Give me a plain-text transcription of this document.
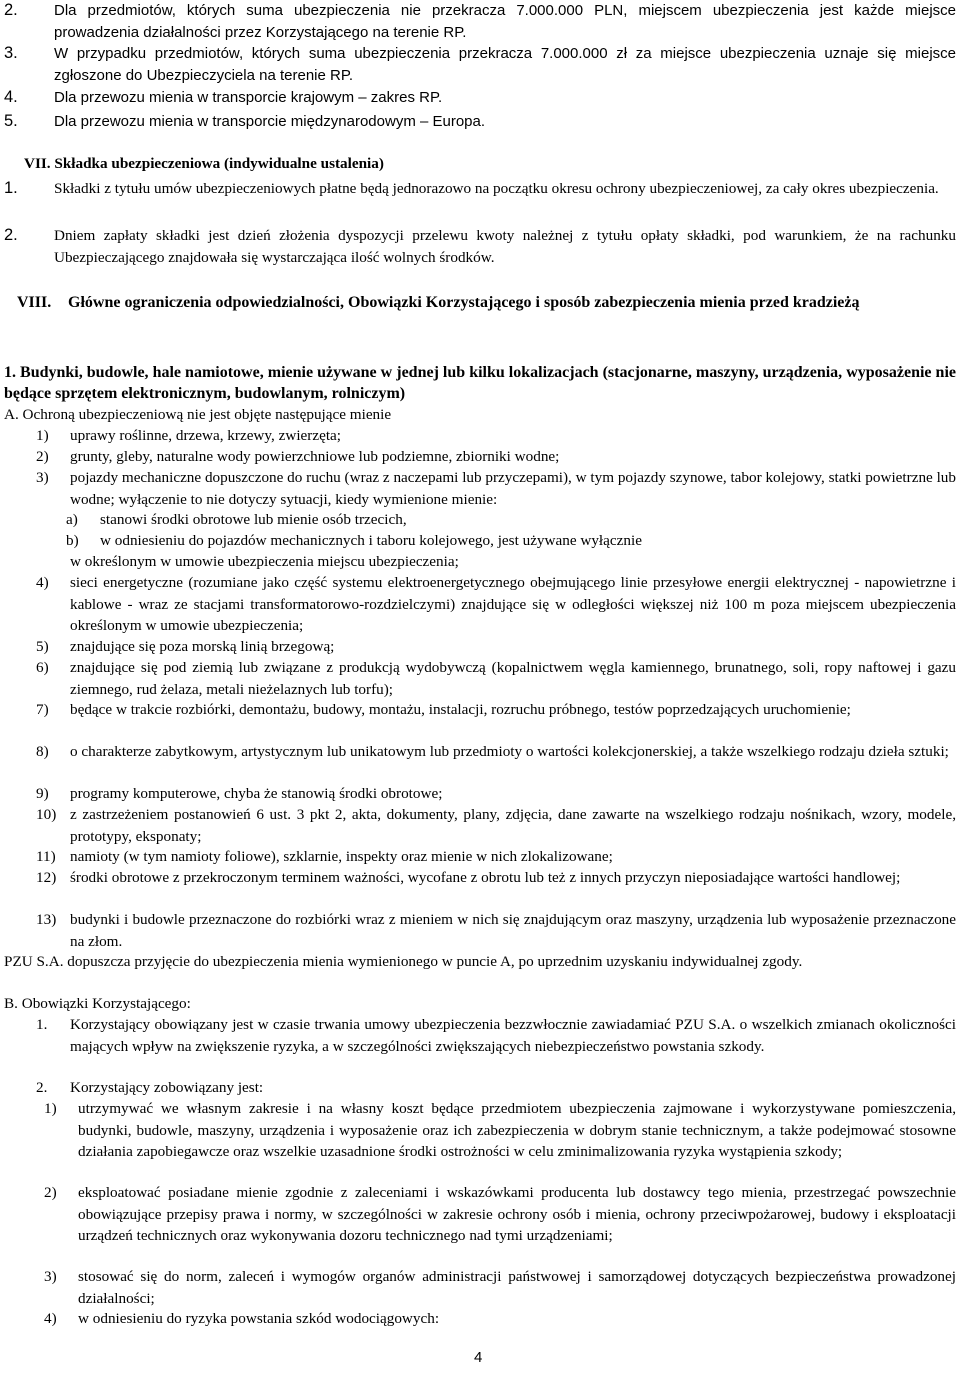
2. Dla przedmiotów, których suma ubezpieczenia nie przekracza 7.000.000 PLN, miejscem ubezpieczenia jest każde miejsce prowadzenia działalności przez Korzystającego na terenie RP.
3. W przypadku przedmiotów, których suma ubezpieczenia przekracza 7.000.000 zł za miejsce ubezpieczenia uznaje się miejsce zgłoszone do Ubezpieczyciela na terenie RP.
4. Dla przewozu mienia w transporcie krajowym – zakres RP.
5. Dla przewozu mienia w transporcie międzynarodowym – Europa.
VII. Składka ubezpieczeniowa (indywidualne ustalenia)
1. Składki z tytułu umów ubezpieczeniowych płatne będą jednorazowo na początku okresu ochrony ubezpieczeniowej, za cały okres ubezpieczenia.
2. Dniem zapłaty składki jest dzień złożenia dyspozycji przelewu kwoty należnej z tytułu opłaty składki, pod warunkiem, że na rachunku Ubezpieczającego znajdowała się wystarczająca ilość wolnych środków.
VIII. Główne ograniczenia odpowiedzialności, Obowiązki Korzystającego i sposób zabezpieczenia mienia przed kradzieżą
1. Budynki, budowle, hale namiotowe, mienie używane w jednej lub kilku lokalizacjach (stacjonarne, maszyny, urządzenia, wyposażenie nie będące sprzętem elektronicznym, budowlanym, rolniczym)
A. Ochroną ubezpieczeniową nie jest objęte następujące mienie
1) uprawy roślinne, drzewa, krzewy, zwierzęta;
2) grunty, gleby, naturalne wody powierzchniowe lub podziemne, zbiorniki wodne;
3) pojazdy mechaniczne dopuszczone do ruchu (wraz z naczepami lub przyczepami), w tym pojazdy szynowe, tabor kolejowy, statki powietrzne lub wodne; wyłączenie to nie dotyczy sytuacji, kiedy wymienione mienie:
a) stanowi środki obrotowe lub mienie osób trzecich,
b) w odniesieniu do pojazdów mechanicznych i taboru kolejowego, jest używane wyłącznie
w określonym w umowie ubezpieczenia miejscu ubezpieczenia;
4) sieci energetyczne (rozumiane jako część systemu elektroenergetycznego obejmującego linie przesyłowe energii elektrycznej - napowietrzne i kablowe - wraz ze stacjami transformatorowo-rozdzielczymi) znajdujące się w odległości większej niż 100 m poza miejscem ubezpieczenia określonym w umowie ubezpieczenia;
5) znajdujące się poza morską linią brzegową;
6) znajdujące się pod ziemią lub związane z produkcją wydobywczą (kopalnictwem węgla kamiennego, brunatnego, soli, ropy naftowej i gazu ziemnego, rud żelaza, metali nieżelaznych lub torfu);
7) będące w trakcie rozbiórki, demontażu, budowy, montażu, instalacji, rozruchu próbnego, testów poprzedzających uruchomienie;
8) o charakterze zabytkowym, artystycznym lub unikatowym lub przedmioty o wartości kolekcjonerskiej, a także wszelkiego rodzaju dzieła sztuki;
9) programy komputerowe, chyba że stanowią środki obrotowe;
10) z zastrzeżeniem postanowień 6 ust. 3 pkt 2, akta, dokumenty, plany, zdjęcia, dane zawarte na wszelkiego rodzaju nośnikach, wzory, modele, prototypy, eksponaty;
11) namioty (w tym namioty foliowe), szklarnie, inspekty oraz mienie w nich zlokalizowane;
12) środki obrotowe z przekroczonym terminem ważności, wycofane z obrotu lub też z innych przyczyn nieposiadające wartości handlowej;
13) budynki i budowle przeznaczone do rozbiórki wraz z mieniem w nich się znajdującym oraz maszyny, urządzenia lub wyposażenie przeznaczone na złom.
PZU S.A. dopuszcza przyjęcie do ubezpieczenia mienia wymienionego w puncie A, po uprzednim uzyskaniu indywidualnej zgody.
B. Obowiązki Korzystającego:
1. Korzystający obowiązany jest w czasie trwania umowy ubezpieczenia bezzwłocznie zawiadamiać PZU S.A. o wszelkich zmianach okoliczności mających wpływ na zwiększenie ryzyka, a w szczególności zwiększających niebezpieczeństwo powstania szkody.
2. Korzystający zobowiązany jest:
1) utrzymywać we własnym zakresie i na własny koszt będące przedmiotem ubezpieczenia zajmowane i wykorzystywane pomieszczenia, budynki, budowle, maszyny, urządzenia i wyposażenie oraz ich zabezpieczenia w dobrym stanie technicznym, a także podejmować stosowne działania zapobiegawcze oraz wszelkie uzasadnione środki ostrożności w celu zminimalizowania ryzyka wystąpienia szkody;
2) eksploatować posiadane mienie zgodnie z zaleceniami i wskazówkami producenta lub dostawcy tego mienia, przestrzegać powszechnie obowiązujące przepisy prawa i normy, w szczególności w zakresie ochrony osób i mienia, ochrony przeciwpożarowej, budowy i eksploatacji urządzeń technicznych oraz wykonywania dozoru technicznego nad tymi urządzeniami;
3) stosować się do norm, zaleceń i wymogów organów administracji państwowej i samorządowej dotyczących bezpieczeństwa prowadzonej działalności;
4) w odniesieniu do ryzyka powstania szkód wodociągowych:
4
